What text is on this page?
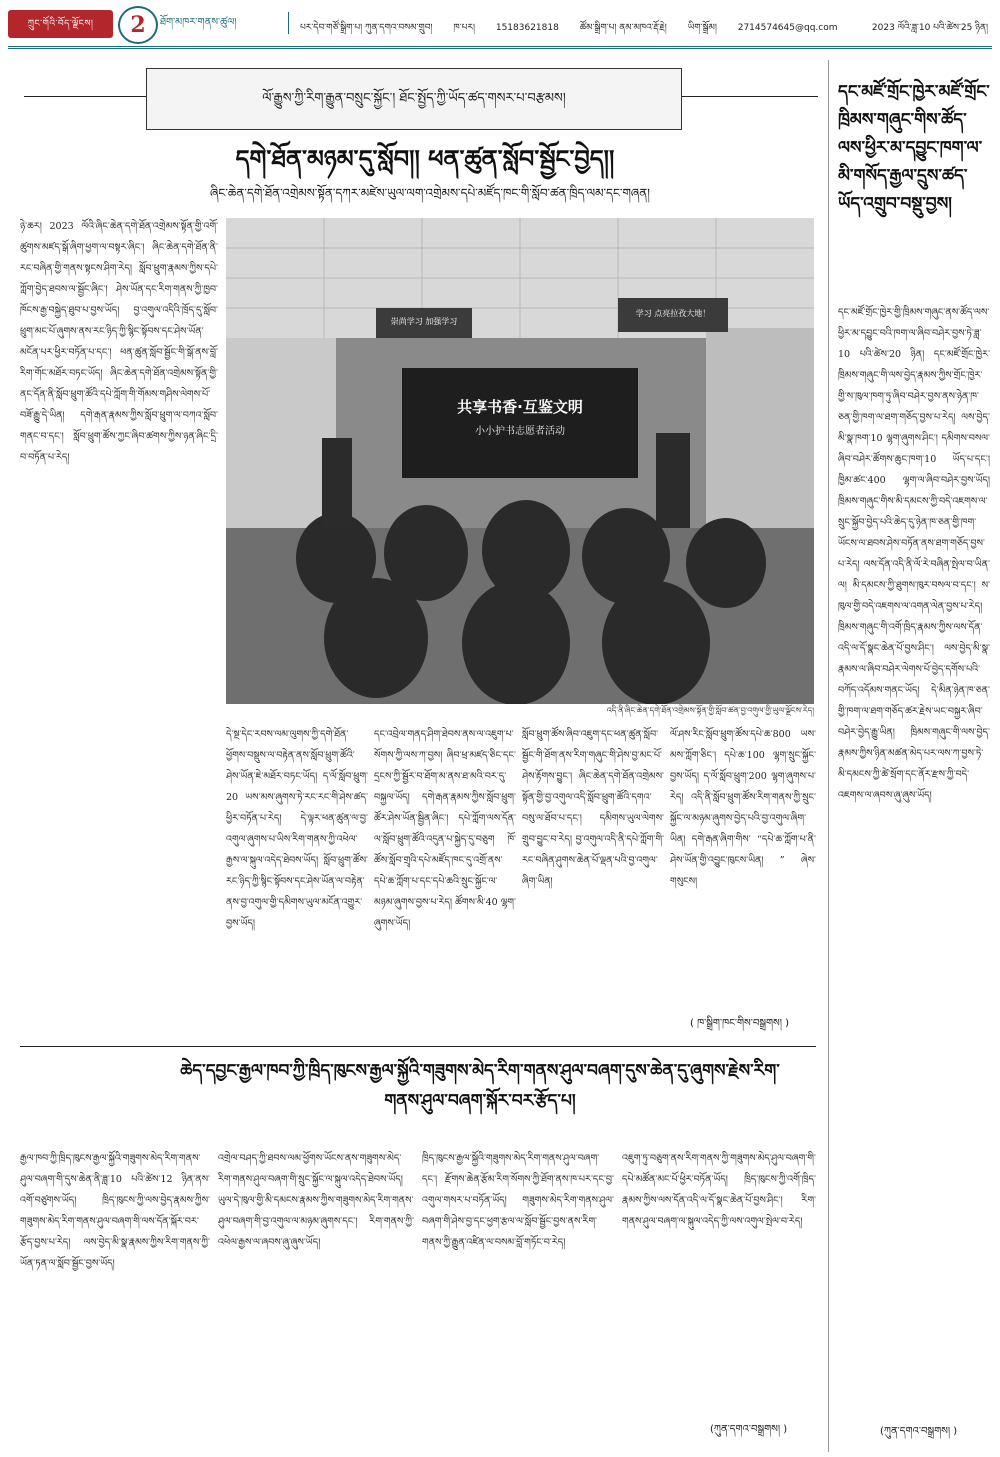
ཀྲུང་གོའི་བོད་ལྗོངས།	2	ཐོག་མཁར་གནས་ཚུལ།	པར་དེབ་གཙོ་སྒྲིག་པ། ཀུན་དགའ་བསམ་གྲུབ། ཁ་པར། 15183621818 ཚོམ་སྒྲིག་པ། ནམ་མཁའ་རྡོ་རྗེ། ཡིག་སྒྲོམ། 2714574645@qq.com	2023 ལོའི་ཟླ་10 པའི་ཚེས་25 ཉིན།
ལོ་རྒྱུས་ཀྱི་རིག་རྒྱུན་བསྲུང་སྐྱོང་། ཐོང་སྤྱོད་ཀྱི་ཡོད་ཚད་གསར་པ་བརྩམས།
དགེ་ཐོན་མཉམ་དུ་སློབ།། ཕན་ཚུན་སློབ་སྦྱོང་བྱེད།།
ཞིང་ཆེན་དགེ་ཐོན་འགྲེམས་སྟོན་དཀར་མཛེས་ཡུལ་ལག་འགྲེམས་དཔེ་མཛོད་ཁང་གི་སློབ་ཚན་ཁྲིད་ལམ་དང་གཞན།
ཉེ་ཆར། 2023 ལོའི་ཞིང་ཆེན་དགེ་ཐོན་འགྲེམས་སྟོན་གྱི་འགོ་ཚུགས་མཛད་སྒོ་ཞིག་ཕྱག་ལ་བསྟར་ཞིང་། ཞིང་ཆེན་དགེ་ཐོན་ནི་རང་བཞིན་གྱི་གནས་སྟངས་ཤིག་རེད། སློབ་ཕྲུག་རྣམས་ཀྱིས་དཔེ་ཀློག་བྱེད་ཐབས་ལ་སྦྱོང་ཞིང་། ཤེས་ཡོན་དང་རིག་གནས་ཀྱི་ཁྱབ་ཁོངས་རྒྱ་བསྐྱེད་ཐུབ་པ་བྱས་ཡོད། བྱ་འགུལ་འདིའི་ཁྲོད་དུ་སློབ་ཕྲུག་མང་པོ་ཞུགས་ནས་རང་ཉིད་ཀྱི་སྙིང་སྟོབས་དང་ཤེས་ཡོན་མངོན་པར་ཕྱིར་བཏོན་པ་དང་། ཕན་ཚུན་སློབ་སྦྱོང་གི་སྒོ་ནས་བློ་རིག་གོང་མཐོར་བཏང་ཡོད། ཞིང་ཆེན་དགེ་ཐོན་འགྲེམས་སྟོན་གྱི་ནང་དོན་ནི་སློབ་ཕྲུག་ཚོའི་དཔེ་ཀློག་གི་གོམས་གཤིས་ལེགས་པོ་བཟོ་རྒྱུ་དེ་ཡིན། དགེ་རྒན་རྣམས་ཀྱིས་སློབ་ཕྲུག་ལ་བཀའ་སློབ་གནང་བ་དང་། སློབ་ཕྲུག་ཚོས་ཀྱང་ཞིབ་ཚགས་ཀྱིས་ཉན་ཞིང་དྲི་བ་བཏོན་པ་རེད།
共享书香·互鉴文明
小小护书志愿者活动
崇尚学习 加强学习
学习 点亮拉孜大地！
འདི་ནི་ཞིང་ཆེན་དགེ་ཐོན་འགྲེམས་སྟོན་གྱི་སློབ་ཚན་བྱ་འགུལ་གྱི་ཡུལ་ལྗོངས་རེད།
དེ་སྔ་དེང་རབས་ལམ་ལུགས་ཀྱི་དགེ་ཐོན་ཕྱོགས་བསྡུས་ལ་བརྟེན་ནས་སློབ་ཕྲུག་ཚོའི་ཤེས་ཡོན་ཇེ་མཐོར་བཏང་ཡོད། ད་ལོ་སློབ་ཕྲུག་20 ཡས་མས་ཞུགས་ཏེ་རང་རང་གི་ཤེས་ཚད་ཕྱིར་བཏོན་པ་རེད། དེ་ལྟར་ཕན་ཚུན་ལ་བྱ་འགུལ་ཞུགས་པ་ཡིས་རིག་གནས་ཀྱི་འཕེལ་རྒྱས་ལ་སྐུལ་འདེད་ཐེབས་ཡོད། སློབ་ཕྲུག་ཚོས་རང་ཉིད་ཀྱི་སྙིང་སྟོབས་དང་ཤེས་ཡོན་ལ་བརྟེན་ནས་བྱ་འགུལ་གྱི་དམིགས་ཡུལ་མངོན་འགྱུར་བྱས་ཡོད།
དང་འབྲེལ་གནད་ཤིག་ཐེབས་ནས་ལ་འཇུག་པ་སོགས་ཀྱི་ལས་ཀ་བྱས། ཞིབ་ཕྲ་མཛད་ཅིང་དང་དྲངས་ཀྱི་སྦྱོར་བ་ཐོག་མ་ནས་ཐ་མའི་བར་དུ་བསྐྱལ་ཡོད། དགེ་རྒན་རྣམས་ཀྱིས་སློབ་ཕྲུག་ཚོར་ཤེས་ཡོན་སྦྱིན་ཞིང་། དཔེ་ཀློག་ལས་དོན་ལ་སློབ་ཕྲུག་ཚོའི་འདུན་པ་སྐྱེད་དུ་བཅུག ཁོ་ཚོས་སློབ་གྲྭའི་དཔེ་མཛོད་ཁང་དུ་འགྲོ་ནས་དཔེ་ཆ་ཀློག་པ་དང་དཔེ་ཆའི་སྲུང་སྐྱོང་ལ་མཉམ་ཞུགས་བྱས་པ་རེད། ཚོགས་མི་40 ལྷག་ཞུགས་ཡོད།
སློབ་ཕྲུག་ཚོས་ཞིབ་འཇུག་དང་ཕན་ཚུན་སློབ་སྦྱོང་གི་ཐོག་ནས་རིག་གཞུང་གི་ཤེས་བྱ་མང་པོ་ཤེས་རྟོགས་བྱུང་། ཞིང་ཆེན་དགེ་ཐོན་འགྲེམས་སྟོན་གྱི་བྱ་འགུལ་འདི་སློབ་ཕྲུག་ཚོའི་དགའ་བསུ་ལ་ཐོབ་པ་དང་། དམིགས་ཡུལ་ལེགས་གྲུབ་བྱུང་བ་རེད། བྱ་འགུལ་འདི་ནི་དཔེ་ཀློག་གི་རང་བཞིན་ཤུགས་ཆེན་པོ་ལྡན་པའི་བྱ་འགུལ་ཞིག་ཡིན།
ལོ་ཤས་རིང་སློབ་ཕྲུག་ཚོས་དཔེ་ཆ་800 ཡས་མས་ཀློག་ཅིང་། དཔེ་ཆ་100 ལྷག་སྲུང་སྐྱོང་བྱས་ཡོད། ད་ལོ་སློབ་ཕྲུག་200 ལྷག་ཞུགས་པ་རེད། འདི་ནི་སློབ་ཕྲུག་ཚོས་རིག་གནས་ཀྱི་སྲུང་སྐྱོང་ལ་མཉམ་ཞུགས་བྱེད་པའི་བྱ་འགུལ་ཞིག་ཡིན། དགེ་རྒན་ཞིག་གིས་ “དཔེ་ཆ་ཀློག་པ་ནི་ཤེས་ཡོན་གྱི་འབྱུང་ཁུངས་ཡིན། ” ཞེས་གསུངས།
( ཁ་སྒྲིག་ཁང་གིས་བསྒྲགས། )
ཆེད་དབྱང་རྒྱལ་ཁབ་ཀྱི་ཁྲིད་ཁུངས་རྒྱལ་སྐྱོའི་གཟུགས་མེད་རིག་གནས་ཤུལ་བཞག་དུས་ཆེན་དུ་ཞུགས་རྗེས་རིག་གནས་ཤུལ་བཞག་སྐོར་བར་རྩོད་པ།
རྒྱལ་ཁབ་ཀྱི་ཁྲིད་ཁུངས་རྒྱལ་སྐྱོའི་གཟུགས་མེད་རིག་གནས་ཤུལ་བཞག་གི་དུས་ཆེན་ནི་ཟླ་10 པའི་ཚེས་12 ཉིན་ནས་འགོ་བཙུགས་ཡོད། ཁྲིད་ཁུངས་ཀྱི་ལས་བྱེད་རྣམས་ཀྱིས་གཟུགས་མེད་རིག་གནས་ཤུལ་བཞག་གི་ལས་དོན་སྐོར་བར་རྩོད་བྱས་པ་རེད། ལས་བྱེད་མི་སྣ་རྣམས་ཀྱིས་རིག་གནས་ཀྱི་ཡོན་ཏན་ལ་སློབ་སྦྱོང་བྱས་ཡོད།
འགྲེལ་བཤད་ཀྱི་ཐབས་ལམ་ཕྱོགས་ཡོངས་ནས་གཟུགས་མེད་རིག་གནས་ཤུལ་བཞག་གི་སྲུང་སྐྱོང་ལ་སྐུལ་འདེད་ཐེབས་ཡོད། ཡུལ་དེ་ཁུལ་གྱི་མི་དམངས་རྣམས་ཀྱིས་གཟུགས་མེད་རིག་གནས་ཤུལ་བཞག་གི་བྱ་འགུལ་ལ་མཉམ་ཞུགས་དང་། རིག་གནས་ཀྱི་འཕེལ་རྒྱས་ལ་ཞབས་ཞུ་ཞུས་ཡོད།
ཁྲིད་ཁུངས་རྒྱལ་སྐྱོའི་གཟུགས་མེད་རིག་གནས་ཤུལ་བཞག་དང་། རྫོགས་ཆེན་རྩོམ་རིག་སོགས་ཀྱི་ཐོག་ནས་ཁ་པར་དང་བྱ་འགུལ་གསར་པ་བཏོན་ཡོད། གཟུགས་མེད་རིག་གནས་ཤུལ་བཞག་གི་ཤེས་བྱ་དང་ཕྱག་རྩལ་ལ་སློབ་སྦྱོང་བྱས་ནས་རིག་གནས་ཀྱི་རྒྱུན་འཛིན་ལ་བསམ་བློ་གཏོང་བ་རེད།
འཇུག་ཏུ་བཅུག་ནས་རིག་གནས་ཀྱི་གཟུགས་མེད་ཤུལ་བཞག་གི་དཔེ་མཚོན་མང་པོ་ཕྱིར་བཏོན་ཡོད། ཁྲིད་ཁུངས་ཀྱི་འགོ་ཁྲིད་རྣམས་ཀྱིས་ལས་དོན་འདི་ལ་དོ་སྣང་ཆེན་པོ་བྱས་ཤིང་། རིག་གནས་ཤུལ་བཞག་ལ་སྐུལ་འདེད་ཀྱི་ལས་འགུལ་སྤེལ་བ་རེད།
(ཀུན་དགའ་བསྒྲགས། )
དང་མཛོ་གྲོང་ཁྱེར་མཛོ་གྲོང་ཁྲིམས་གཞུང་གིས་ཚོད་ལས་ཕྱིར་མ་དབྱུང་ཁག་ལ་མི་གསོད་རྒྱལ་དྲུས་ཚད་ཡོད་འགྲུབ་བསྡུ་བྱས།
དང་མཛོ་གྲོང་ཁྱེར་གྱི་ཁྲིམས་གཞུང་ནས་ཚོད་ལས་ཕྱིར་མ་དབྱུང་བའི་ཁག་ལ་ཞིབ་བཤེར་བྱས་ཏེ་ཟླ་10 པའི་ཚེས་20 ཉིན། དང་མཛོ་གྲོང་ཁྱེར་ཁྲིམས་གཞུང་གི་ལས་བྱེད་རྣམས་ཀྱིས་གྲོང་ཁྱེར་གྱི་ས་ཁུལ་ཁག་ཏུ་ཞིབ་བཤེར་བྱས་ནས་ཉེན་ཁ་ཅན་གྱི་ཁག་ལ་ཐག་གཅོད་བྱས་པ་རེད། ལས་བྱེད་མི་སྣ་ཁག་10 ལྷག་ཞུགས་ཤིང་། དམིགས་བསལ་ཞིབ་བཤེར་ཚོགས་ཆུང་ཁག་10 ཡོད་པ་དང་། ཁྱིམ་ཚང་400 ལྷག་ལ་ཞིབ་བཤེར་བྱས་ཡོད། ཁྲིམས་གཞུང་གིས་མི་དམངས་ཀྱི་བདེ་འཇགས་ལ་སྲུང་སྐྱོབ་བྱེད་པའི་ཆེད་དུ་ཉེན་ཁ་ཅན་གྱི་ཁག་ཡོངས་ལ་ཐབས་ཤེས་བཏོན་ནས་ཐག་གཅོད་བྱས་པ་རེད། ལས་དོན་འདི་ནི་ལོ་རེ་བཞིན་སྤེལ་བ་ཡིན་ལ། མི་དམངས་ཀྱི་ཐུགས་ཁུར་བསལ་བ་དང་། ས་ཁུལ་གྱི་བདེ་འཇགས་ལ་འགན་ལེན་བྱས་པ་རེད། ཁྲིམས་གཞུང་གི་འགོ་ཁྲིད་རྣམས་ཀྱིས་ལས་དོན་འདི་ལ་དོ་སྣང་ཆེན་པོ་བྱས་ཤིང་། ལས་བྱེད་མི་སྣ་རྣམས་ལ་ཞིབ་བཤེར་ལེགས་པོ་བྱེད་དགོས་པའི་བཀོད་འདོམས་གནང་ཡོད། དེ་མིན་ཉེན་ཁ་ཅན་གྱི་ཁག་ལ་ཐག་གཅོད་ཚར་རྗེས་ཡང་བསྐྱར་ཞིབ་བཤེར་བྱེད་རྒྱུ་ཡིན། ཁྲིམས་གཞུང་གི་ལས་བྱེད་རྣམས་ཀྱིས་ཉིན་མཚན་མེད་པར་ལས་ཀ་བྱས་ཏེ་མི་དམངས་ཀྱི་ཚེ་སྲོག་དང་ནོར་རྫས་ཀྱི་བདེ་འཇགས་ལ་ཞབས་ཞུ་ཞུས་ཡོད།
(ཀུན་དགའ་བསྒྲགས། )
